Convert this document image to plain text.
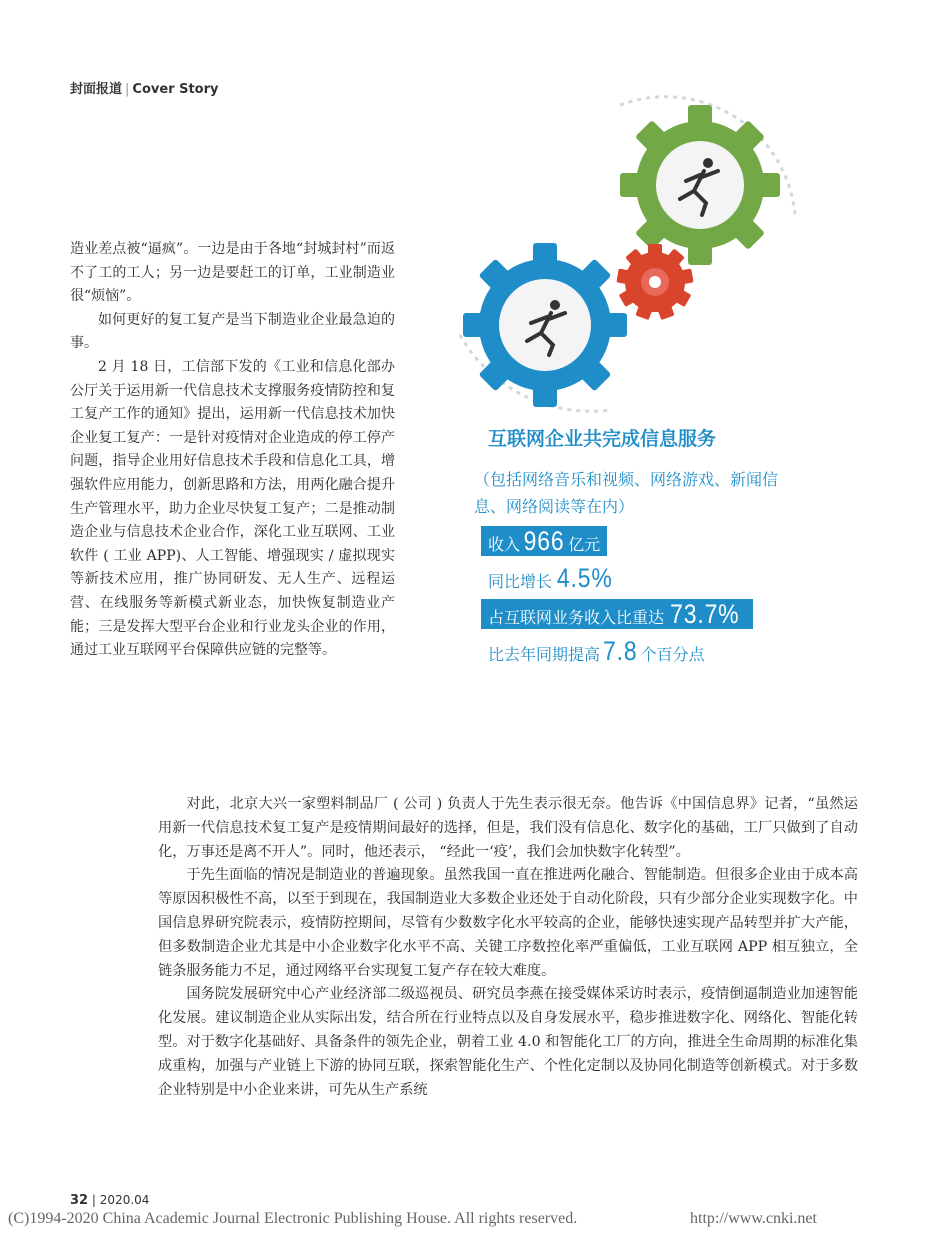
封面报道 | Cover Story

造业差点被“逼疯”。一边是由于各地“封城封村”而返不了工的工人；另一边是要赶工的订单，工业制造业很“烦恼”。

如何更好的复工复产是当下制造业企业最急迫的事。

2 月 18 日，工信部下发的《工业和信息化部办公厅关于运用新一代信息技术支撑服务疫情防控和复工复产工作的通知》提出，运用新一代信息技术加快企业复工复产：一是针对疫情对企业造成的停工停产问题，指导企业用好信息技术手段和信息化工具，增强软件应用能力，创新思路和方法，用两化融合提升生产管理水平，助力企业尽快复工复产；二是推动制造企业与信息技术企业合作，深化工业互联网、工业软件 ( 工业 APP)、人工智能、增强现实 / 虚拟现实等新技术应用，推广协同研发、无人生产、远程运营、在线服务等新模式新业态，加快恢复制造业产能；三是发挥大型平台企业和行业龙头企业的作用，通过工业互联网平台保障供应链的完整等。

互联网企业共完成信息服务
（包括网络音乐和视频、网络游戏、新闻信息、网络阅读等在内）
收入 966 亿元
同比增长 4.5%
占互联网业务收入比重达 73.7%
比去年同期提高 7.8 个百分点

对此，北京大兴一家塑料制品厂 ( 公司 ) 负责人于先生表示很无奈。他告诉《中国信息界》记者，“虽然运用新一代信息技术复工复产是疫情期间最好的选择，但是，我们没有信息化、数字化的基础，工厂只做到了自动化，万事还是离不开人”。同时，他还表示， “经此一‘疫’，我们会加快数字化转型”。

于先生面临的情况是制造业的普遍现象。虽然我国一直在推进两化融合、智能制造。但很多企业由于成本高等原因积极性不高，以至于到现在，我国制造业大多数企业还处于自动化阶段，只有少部分企业实现数字化。中国信息界研究院表示，疫情防控期间，尽管有少数数字化水平较高的企业，能够快速实现产品转型并扩大产能，但多数制造企业尤其是中小企业数字化水平不高、关键工序数控化率严重偏低，工业互联网 APP 相互独立，全链条服务能力不足，通过网络平台实现复工复产存在较大难度。

国务院发展研究中心产业经济部二级巡视员、研究员李燕在接受媒体采访时表示，疫情倒逼制造业加速智能化发展。建议制造企业从实际出发，结合所在行业特点以及自身发展水平，稳步推进数字化、网络化、智能化转型。对于数字化基础好、具备条件的领先企业，朝着工业 4.0 和智能化工厂的方向，推进全生命周期的标准化集成重构，加强与产业链上下游的协同互联，探索智能化生产、个性化定制以及协同化制造等创新模式。对于多数企业特别是中小企业来讲，可先从生产系统

32 | 2020.04
(C)1994-2020 China Academic Journal Electronic Publishing House. All rights reserved.	http://www.cnki.net
